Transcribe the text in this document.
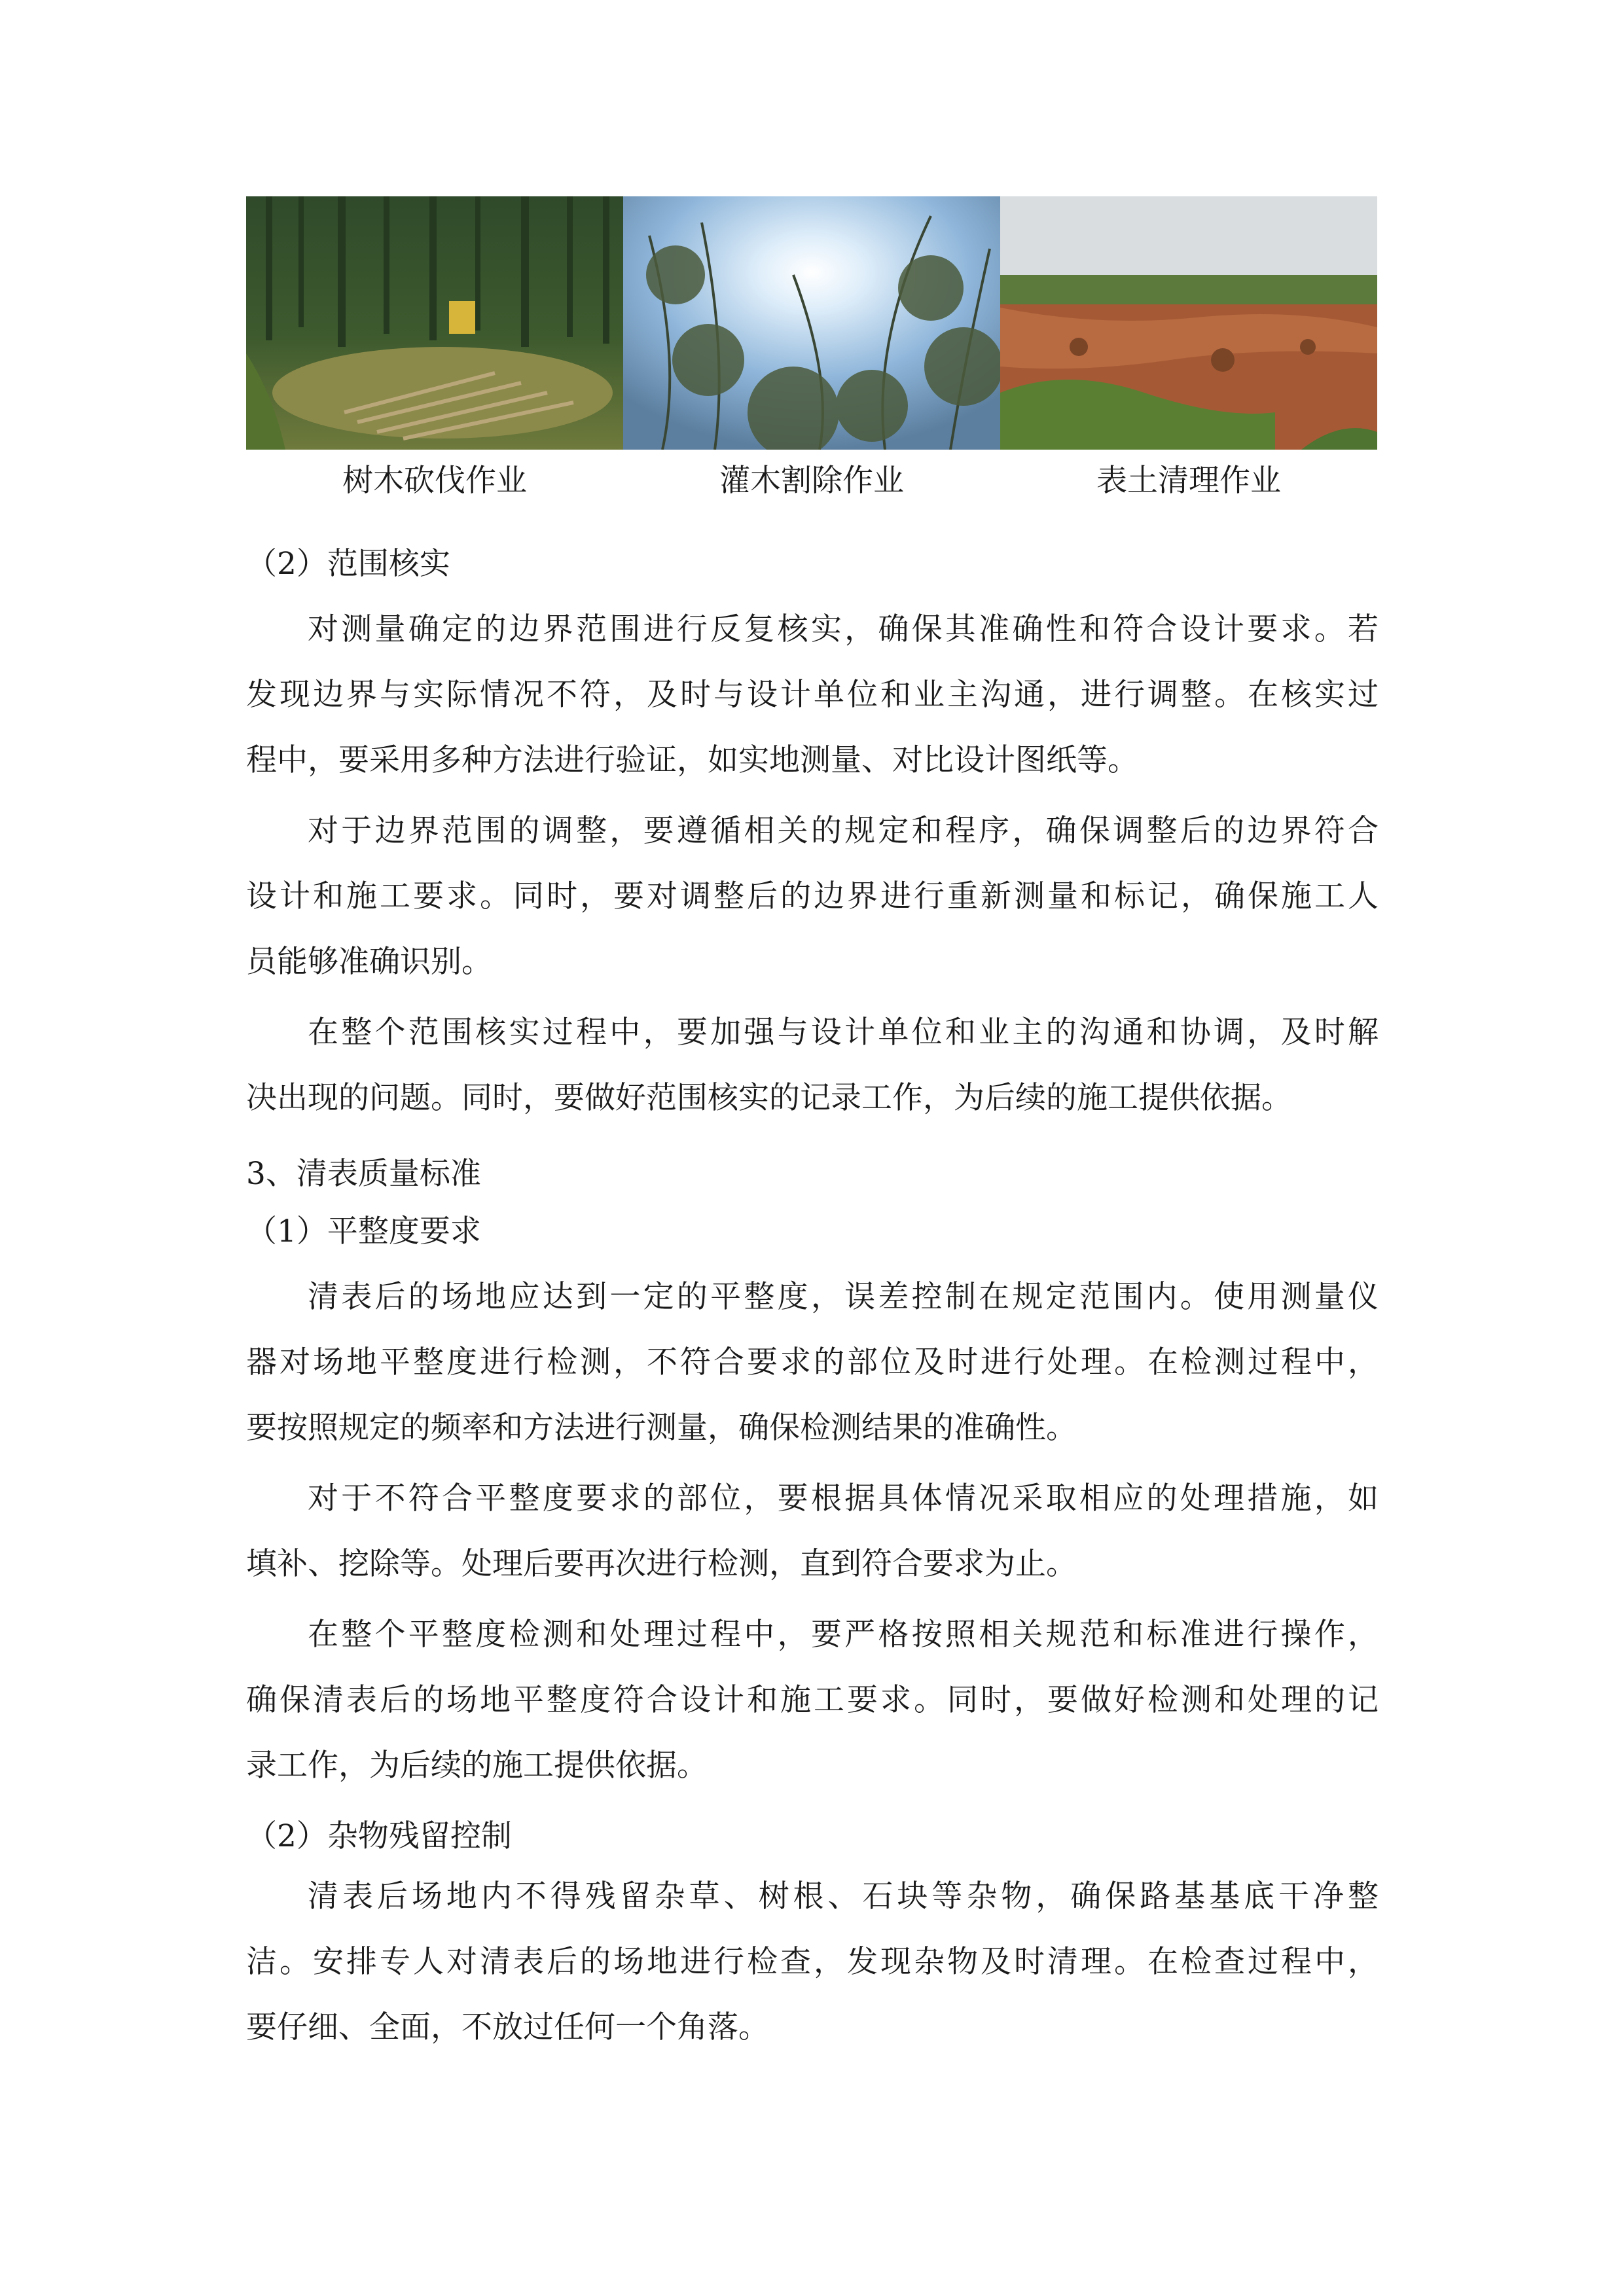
树木砍伐作业	灌木割除作业	表土清理作业
（2）范围核实
对测量确定的边界范围进行反复核实，确保其准确性和符合设计要求。若
发现边界与实际情况不符，及时与设计单位和业主沟通，进行调整。在核实过
程中，要采用多种方法进行验证，如实地测量、对比设计图纸等。
对于边界范围的调整，要遵循相关的规定和程序，确保调整后的边界符合
设计和施工要求。同时，要对调整后的边界进行重新测量和标记，确保施工人
员能够准确识别。
在整个范围核实过程中，要加强与设计单位和业主的沟通和协调，及时解
决出现的问题。同时，要做好范围核实的记录工作，为后续的施工提供依据。
3、清表质量标准
（1）平整度要求
清表后的场地应达到一定的平整度，误差控制在规定范围内。使用测量仪
器对场地平整度进行检测，不符合要求的部位及时进行处理。在检测过程中，
要按照规定的频率和方法进行测量，确保检测结果的准确性。
对于不符合平整度要求的部位，要根据具体情况采取相应的处理措施，如
填补、挖除等。处理后要再次进行检测，直到符合要求为止。
在整个平整度检测和处理过程中，要严格按照相关规范和标准进行操作，
确保清表后的场地平整度符合设计和施工要求。同时，要做好检测和处理的记
录工作，为后续的施工提供依据。
（2）杂物残留控制
清表后场地内不得残留杂草、树根、石块等杂物，确保路基基底干净整
洁。安排专人对清表后的场地进行检查，发现杂物及时清理。在检查过程中，
要仔细、全面，不放过任何一个角落。
